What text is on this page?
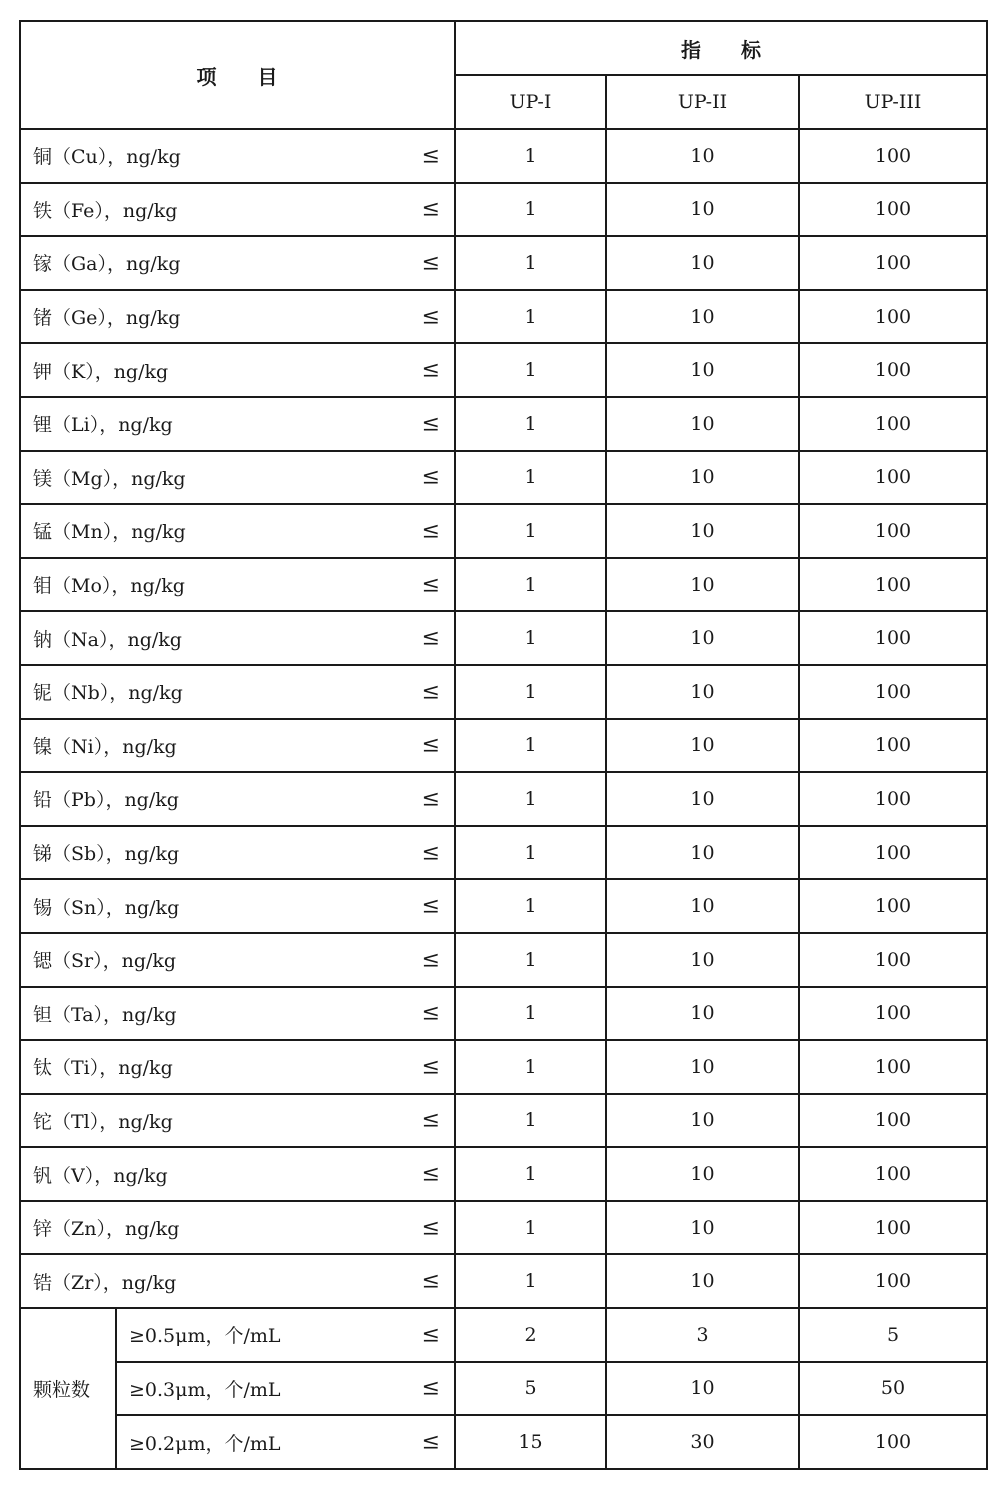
项 目		指 标		
		UP-I	UP-II	UP-III
铜（Cu），ng/kg ≤		1	10	100
铁（Fe），ng/kg ≤		1	10	100
镓（Ga），ng/kg ≤		1	10	100
锗（Ge），ng/kg ≤		1	10	100
钾（K），ng/kg ≤		1	10	100
锂（Li），ng/kg ≤		1	10	100
镁（Mg），ng/kg ≤		1	10	100
锰（Mn），ng/kg ≤		1	10	100
钼（Mo），ng/kg ≤		1	10	100
钠（Na），ng/kg ≤		1	10	100
铌（Nb），ng/kg ≤		1	10	100
镍（Ni），ng/kg ≤		1	10	100
铅（Pb），ng/kg ≤		1	10	100
锑（Sb），ng/kg ≤		1	10	100
锡（Sn），ng/kg ≤		1	10	100
锶（Sr），ng/kg ≤		1	10	100
钽（Ta），ng/kg ≤		1	10	100
钛（Ti），ng/kg ≤		1	10	100
铊（Tl），ng/kg ≤		1	10	100
钒（V），ng/kg ≤		1	10	100
锌（Zn），ng/kg ≤		1	10	100
锆（Zr），ng/kg ≤		1	10	100
颗粒数	≥0.5μm，个/mL ≤	2	3	5
	≥0.3μm，个/mL ≤	5	10	50
	≥0.2μm，个/mL ≤	15	30	100
